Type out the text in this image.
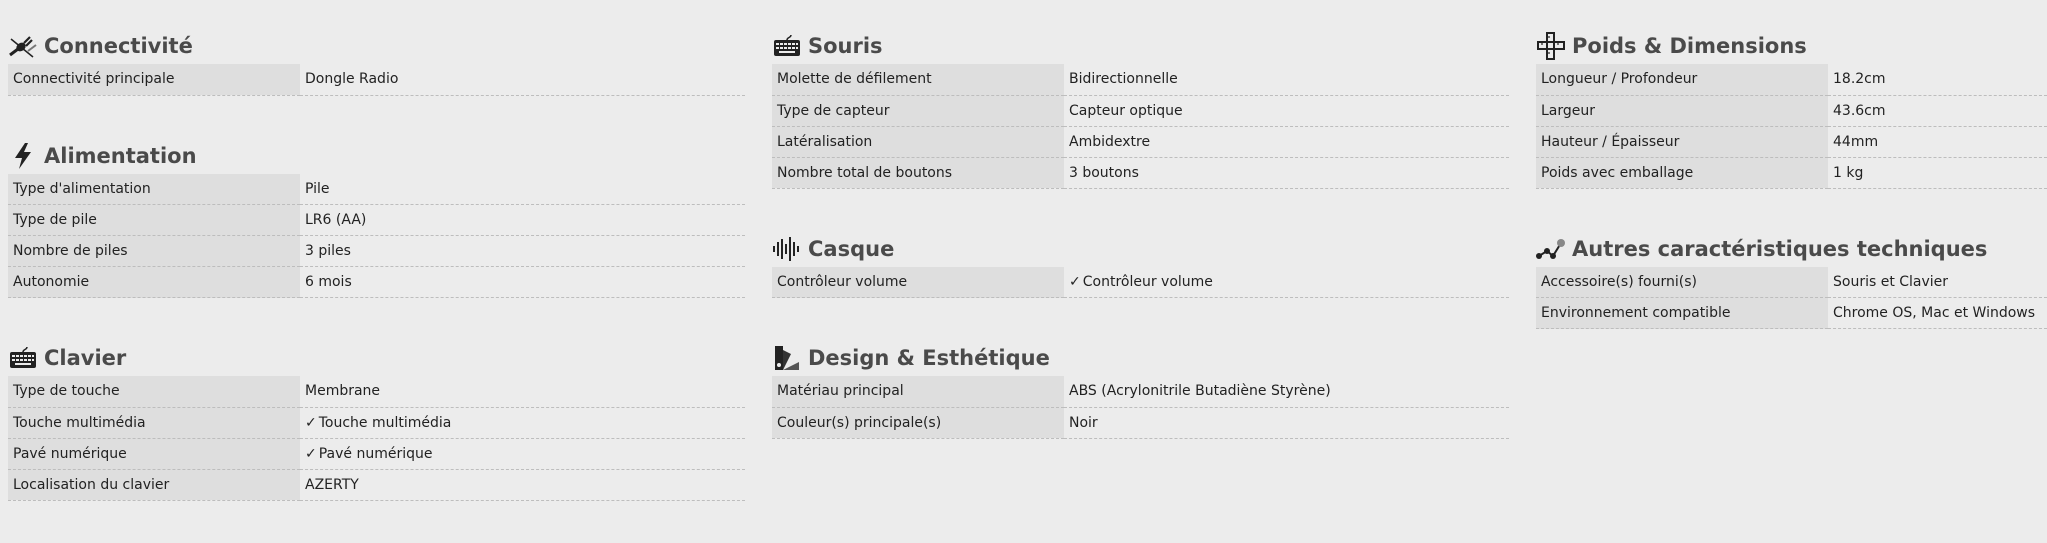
Connectivité
Connectivité principale	Dongle Radio
Alimentation
Type d'alimentation	Pile
Type de pile	LR6 (AA)
Nombre de piles	3 piles
Autonomie	6 mois
Clavier
Type de touche	Membrane
Touche multimédia	✓ Touche multimédia
Pavé numérique	✓ Pavé numérique
Localisation du clavier	AZERTY
Souris
Molette de défilement	Bidirectionnelle
Type de capteur	Capteur optique
Latéralisation	Ambidextre
Nombre total de boutons	3 boutons
Casque
Contrôleur volume	✓ Contrôleur volume
Design & Esthétique
Matériau principal	ABS (Acrylonitrile Butadiène Styrène)
Couleur(s) principale(s)	Noir
Poids & Dimensions
Longueur / Profondeur	18.2cm
Largeur	43.6cm
Hauteur / Épaisseur	44mm
Poids avec emballage	1 kg
Autres caractéristiques techniques
Accessoire(s) fourni(s)	Souris et Clavier
Environnement compatible	Chrome OS, Mac et Windows
